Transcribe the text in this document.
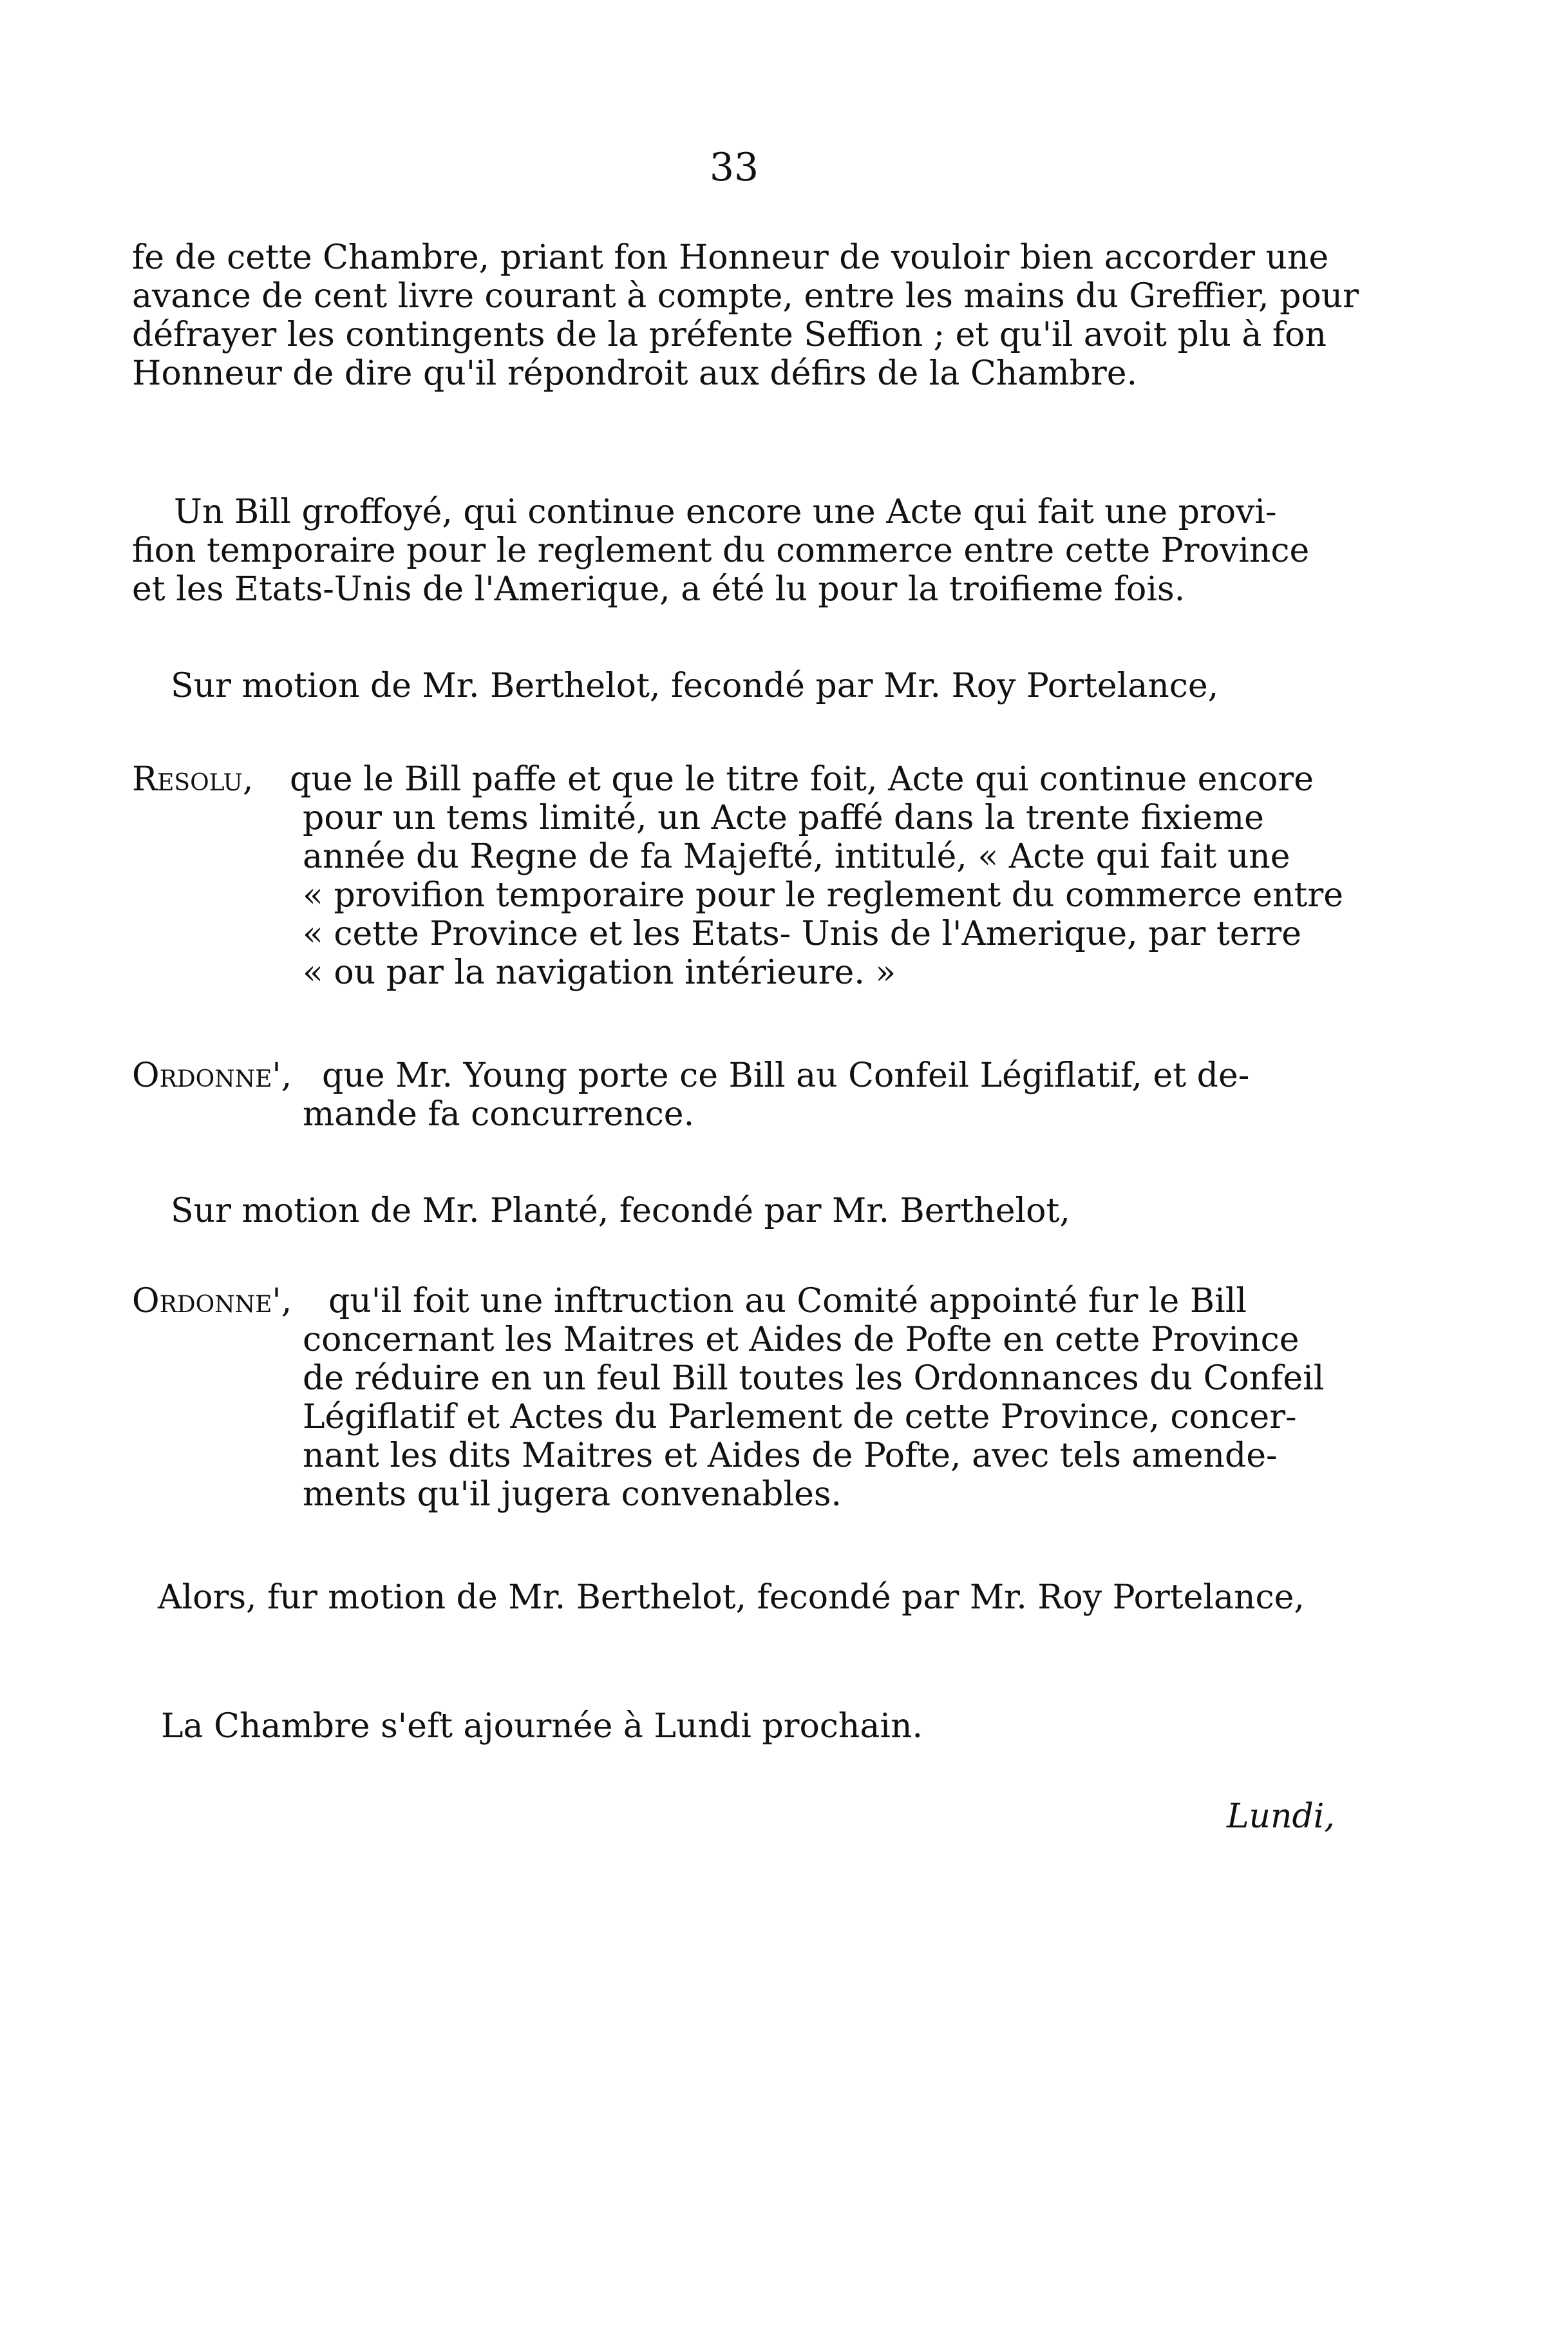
33
fe de cette Chambre, priant fon Honneur de vouloir bien accorder une
avance de cent livre courant à compte, entre les mains du Greffier, pour
défrayer les contingents de la préfente Seffion ; et qu'il avoit plu à fon
Honneur de dire qu'il répondroit aux défirs de la Chambre.
Un Bill groffoyé, qui continue encore une Acte qui fait une provi-
fion temporaire pour le reglement du commerce entre cette Province
et les Etats-Unis de l'Amerique, a été lu pour la troifieme fois.
Sur motion de Mr. Berthelot, fecondé par Mr. Roy Portelance,
Resolu, que le Bill paffe et que le titre foit, Acte qui continue encore
pour un tems limité, un Acte paffé dans la trente fixieme
année du Regne de fa Majefté, intitulé, « Acte qui fait une
« provifion temporaire pour le reglement du commerce entre
« cette Province et les Etats- Unis de l'Amerique, par terre
« ou par la navigation intérieure. »
Ordonne', que Mr. Young porte ce Bill au Confeil Légiflatif, et de-
mande fa concurrence.
Sur motion de Mr. Planté, fecondé par Mr. Berthelot,
Ordonne', qu'il foit une inftruction au Comité appointé fur le Bill
concernant les Maitres et Aides de Pofte en cette Province
de réduire en un feul Bill toutes les Ordonnances du Confeil
Légiflatif et Actes du Parlement de cette Province, concer-
nant les dits Maitres et Aides de Pofte, avec tels amende-
ments qu'il jugera convenables.
Alors, fur motion de Mr. Berthelot, fecondé par Mr. Roy Portelance,
La Chambre s'eft ajournée à Lundi prochain.
Lundi,
